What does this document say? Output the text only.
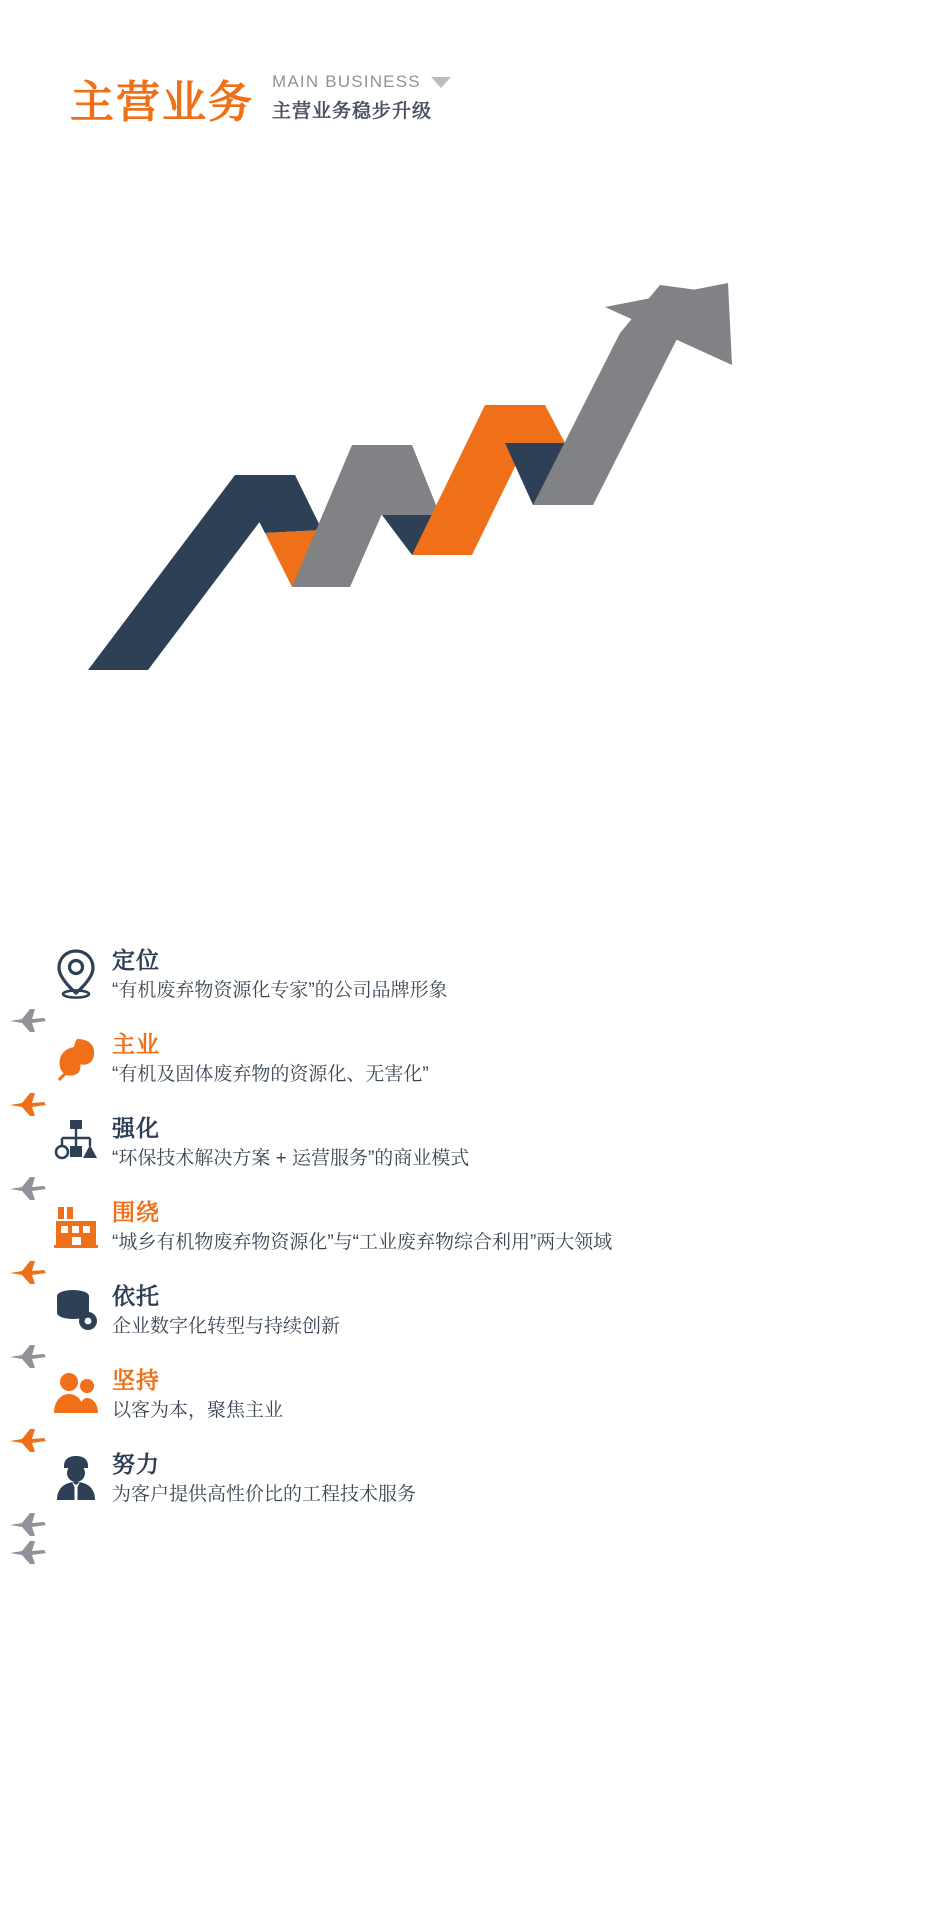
主营业务 MAIN BUSINESS
主营业务稳步升级
定位
“有机废弃物资源化专家”的公司品牌形象
主业
“有机及固体废弃物的资源化、无害化”
强化
“环保技术解决方案 + 运营服务”的商业模式
围绕
“城乡有机物废弃物资源化”与“工业废弃物综合利用”两大领域
依托
企业数字化转型与持续创新
坚持
以客为本，聚焦主业
努力
为客户提供高性价比的工程技术服务
